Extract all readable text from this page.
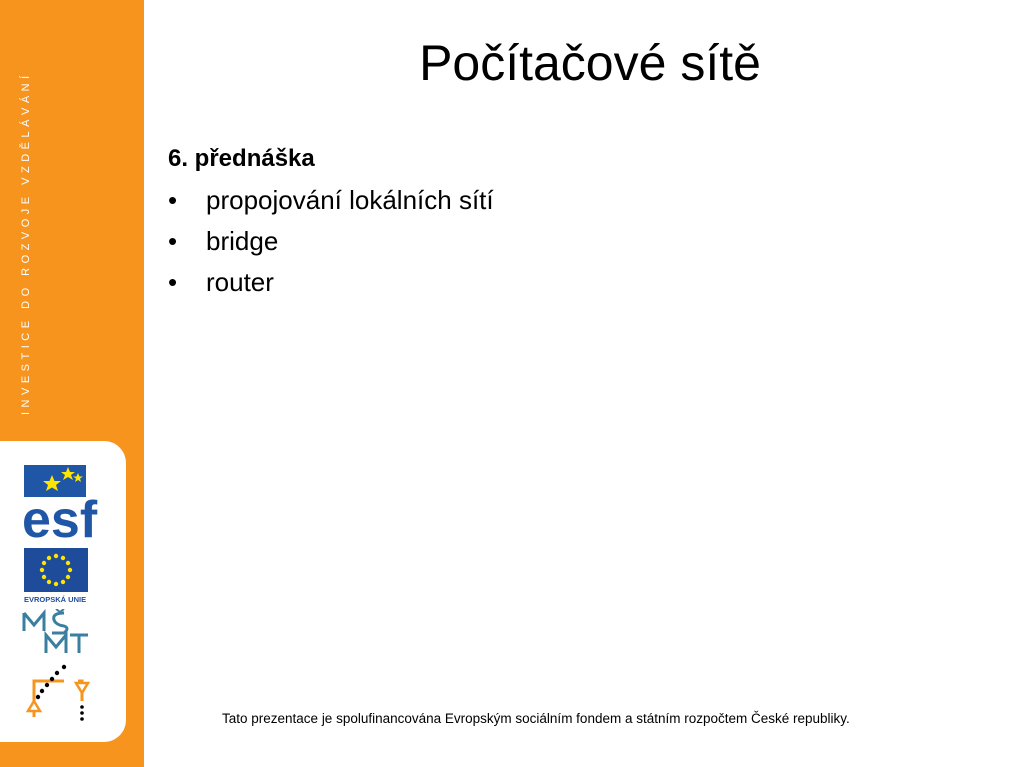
INVESTICE DO ROZVOJE VZDĚLÁVÁNÍ
esf
EVROPSKÁ UNIE
Počítačové sítě
6. přednáška
•	propojování lokálních sítí
•	bridge
•	router
Tato prezentace je spolufinancována Evropským sociálním fondem a státním rozpočtem České republiky.
